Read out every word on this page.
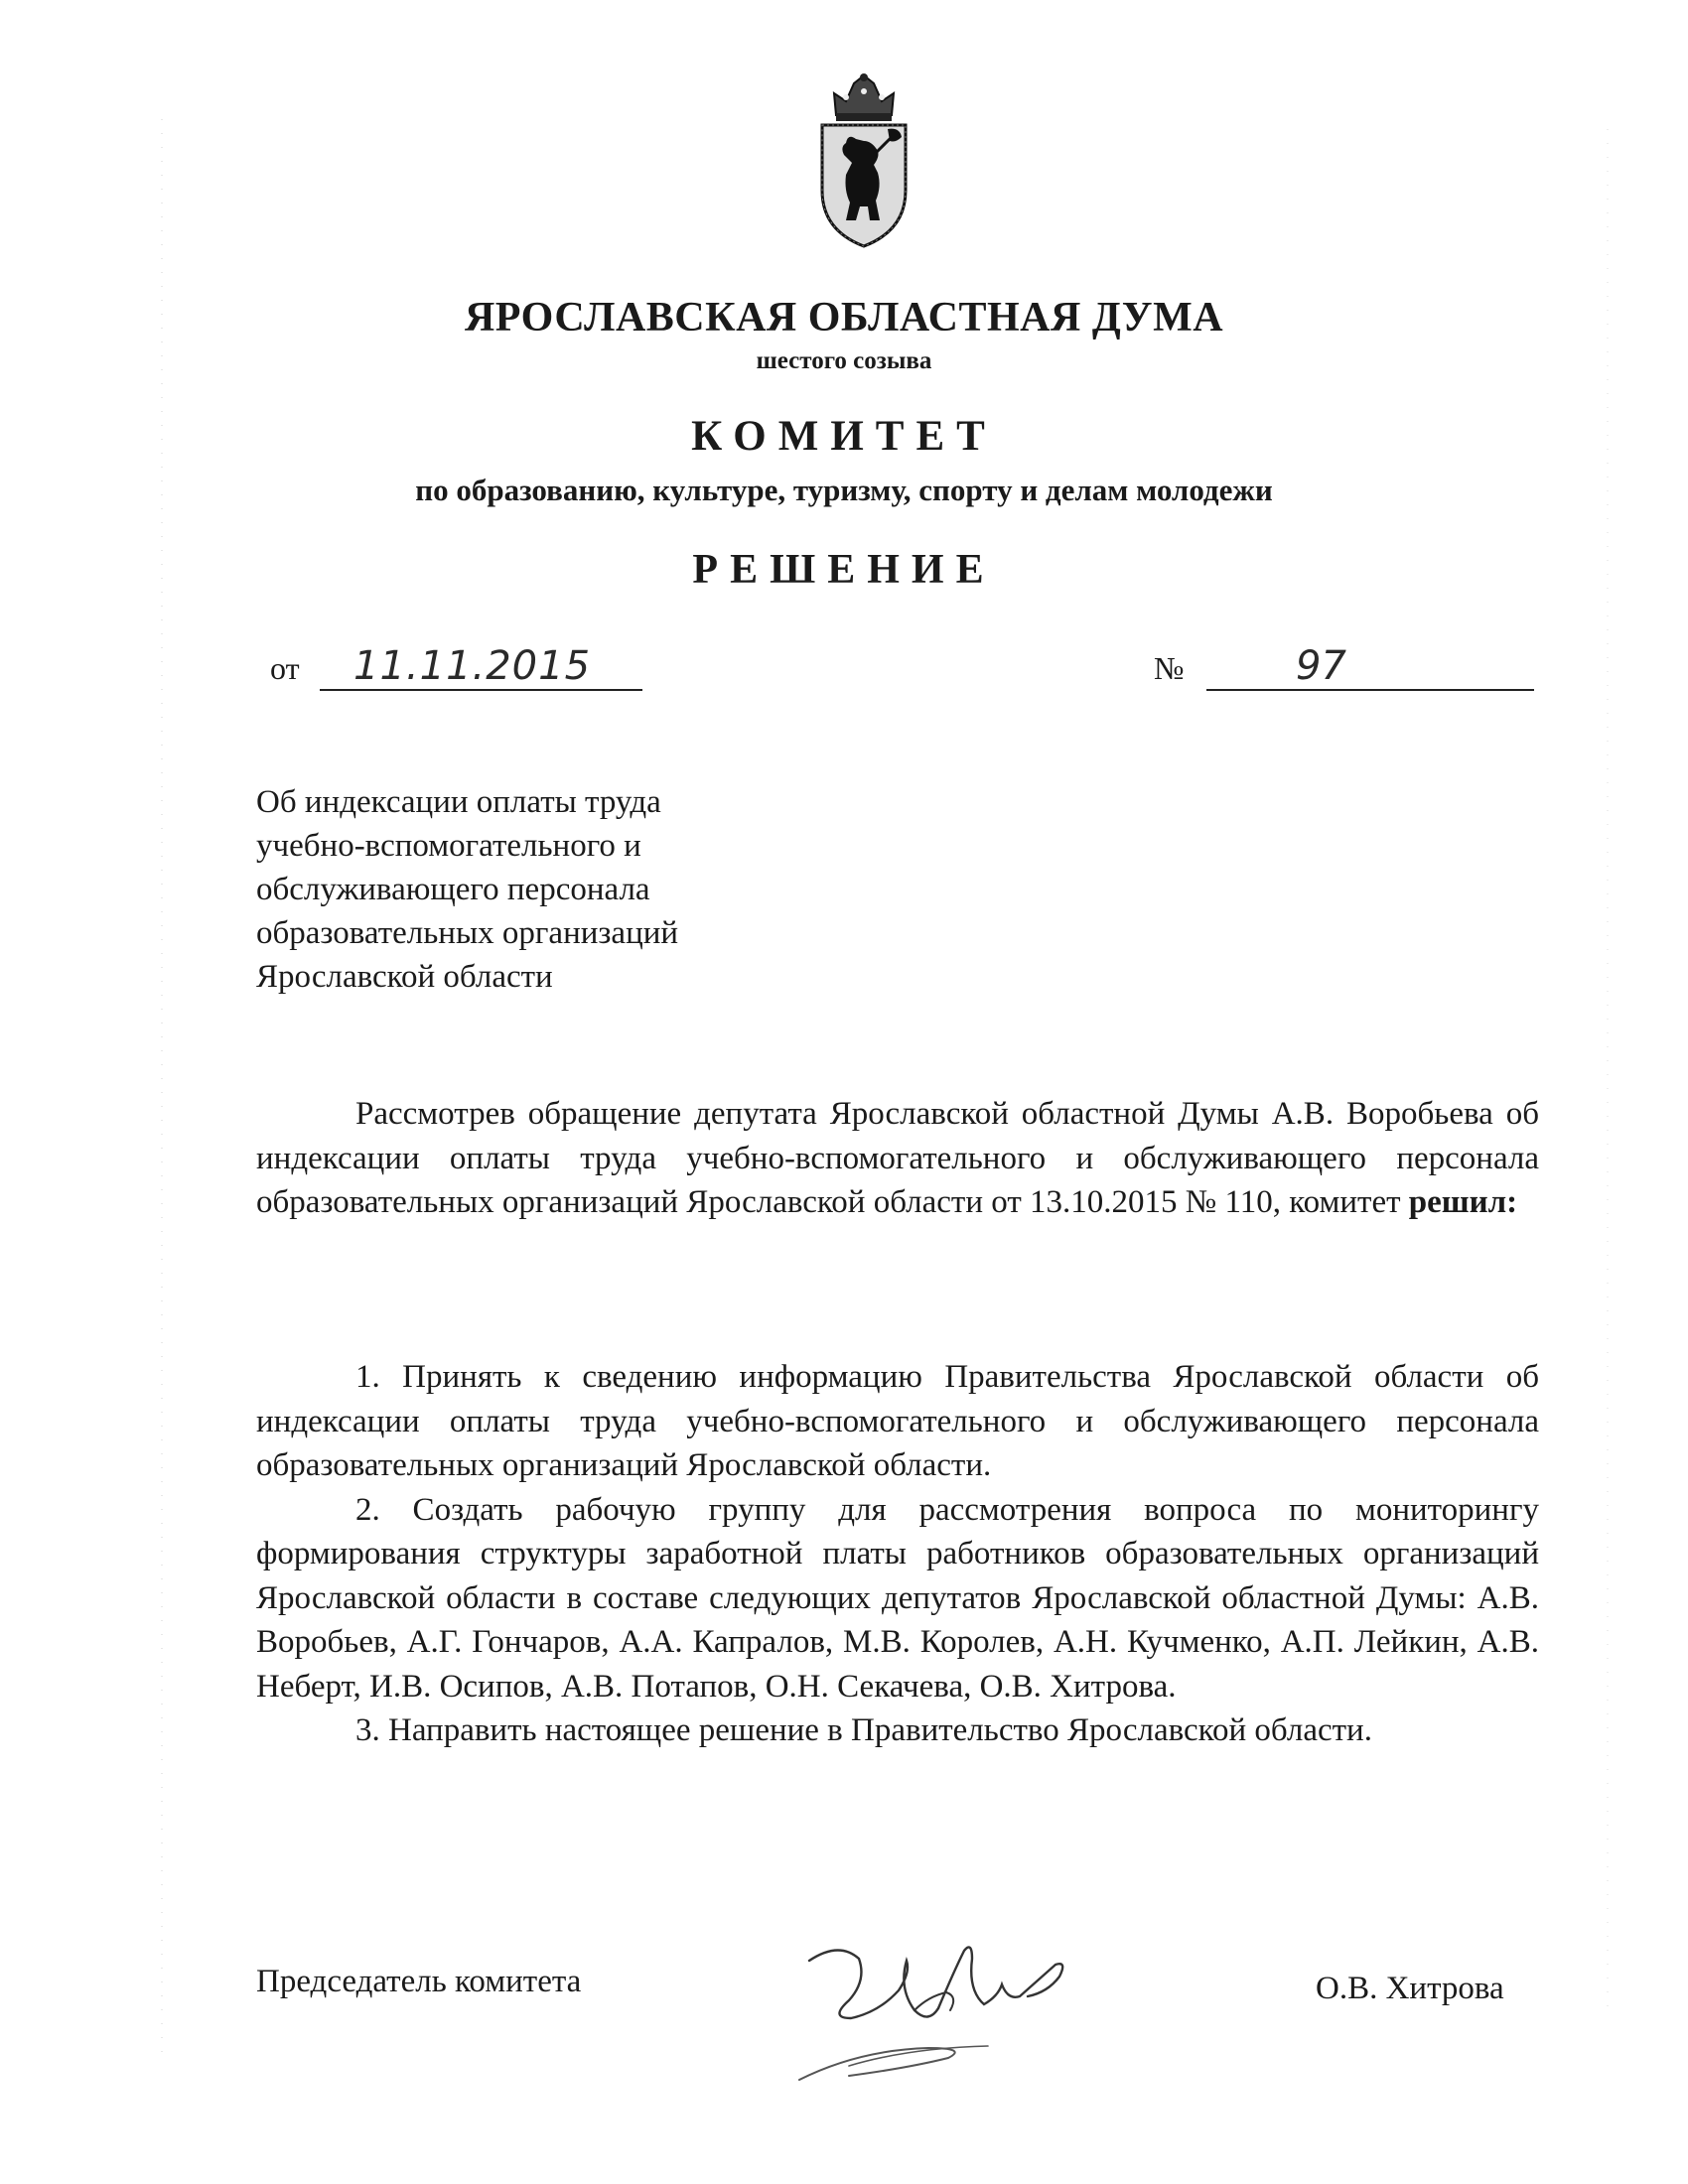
ЯРОСЛАВСКАЯ ОБЛАСТНАЯ ДУМА
шестого созыва
КОМИТЕТ
по образованию, культуре, туризму, спорту и делам молодежи
РЕШЕНИЕ
от 11.11.2015	№	97
Об индексации оплаты труда
учебно-вспомогательного и
обслуживающего персонала
образовательных организаций
Ярославской области

Рассмотрев обращение депутата Ярославской областной Думы А.В. Воробьева об индексации оплаты труда учебно-вспомогательного и обслуживающего персонала образовательных организаций Ярославской области от 13.10.2015 № 110, комитет решил:

1. Принять к сведению информацию Правительства Ярославской области об индексации оплаты труда учебно-вспомогательного и обслуживающего персонала образовательных организаций Ярославской области.

2. Создать рабочую группу для рассмотрения вопроса по мониторингу формирования структуры заработной платы работников образовательных организаций Ярославской области в составе следующих депутатов Ярославской областной Думы: А.В. Воробьев, А.Г. Гончаров, А.А. Капралов, М.В. Королев, А.Н. Кучменко, А.П. Лейкин, А.В. Неберт, И.В. Осипов, А.В. Потапов, О.Н. Секачева, О.В. Хитрова.

3. Направить настоящее решение в Правительство Ярославской области.

Председатель комитета	О.В. Хитрова
